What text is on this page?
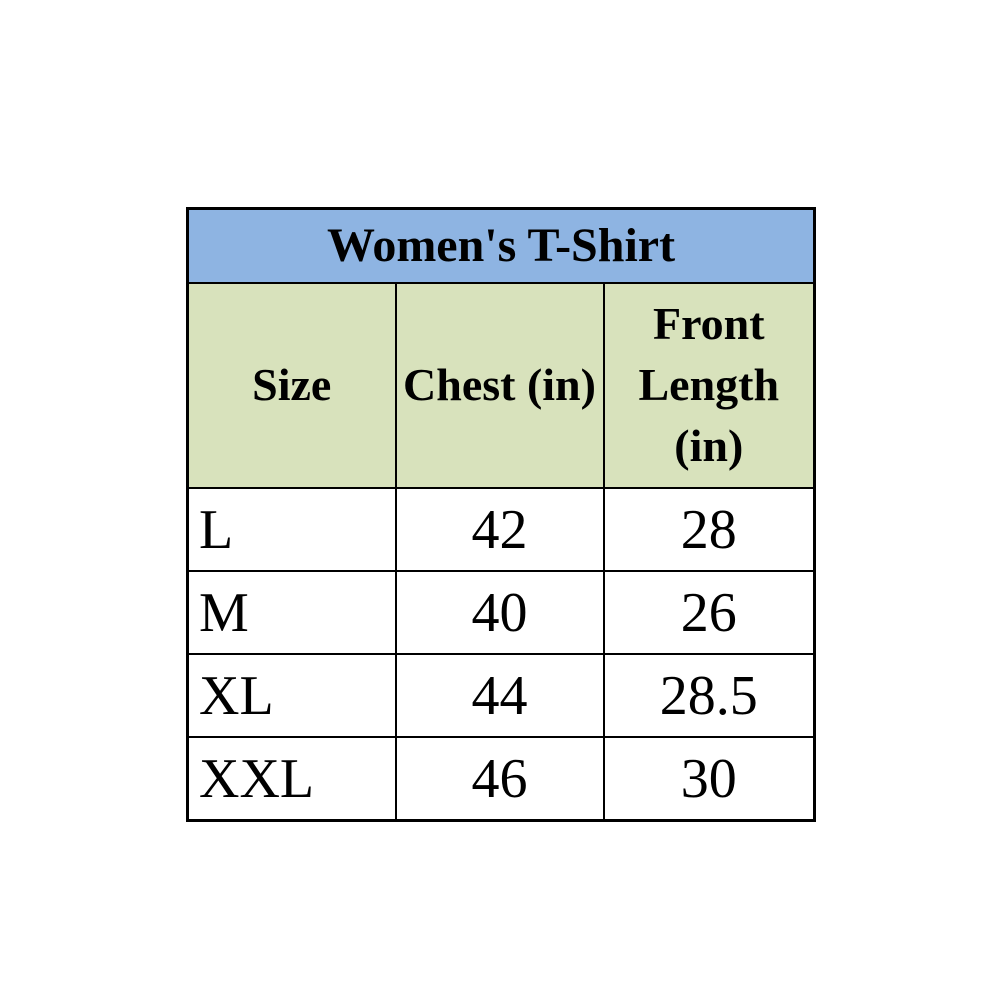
Women's T-Shirt		
Size	Chest (in)	Front Length (in)
L	42	28
M	40	26
XL	44	28.5
XXL	46	30
